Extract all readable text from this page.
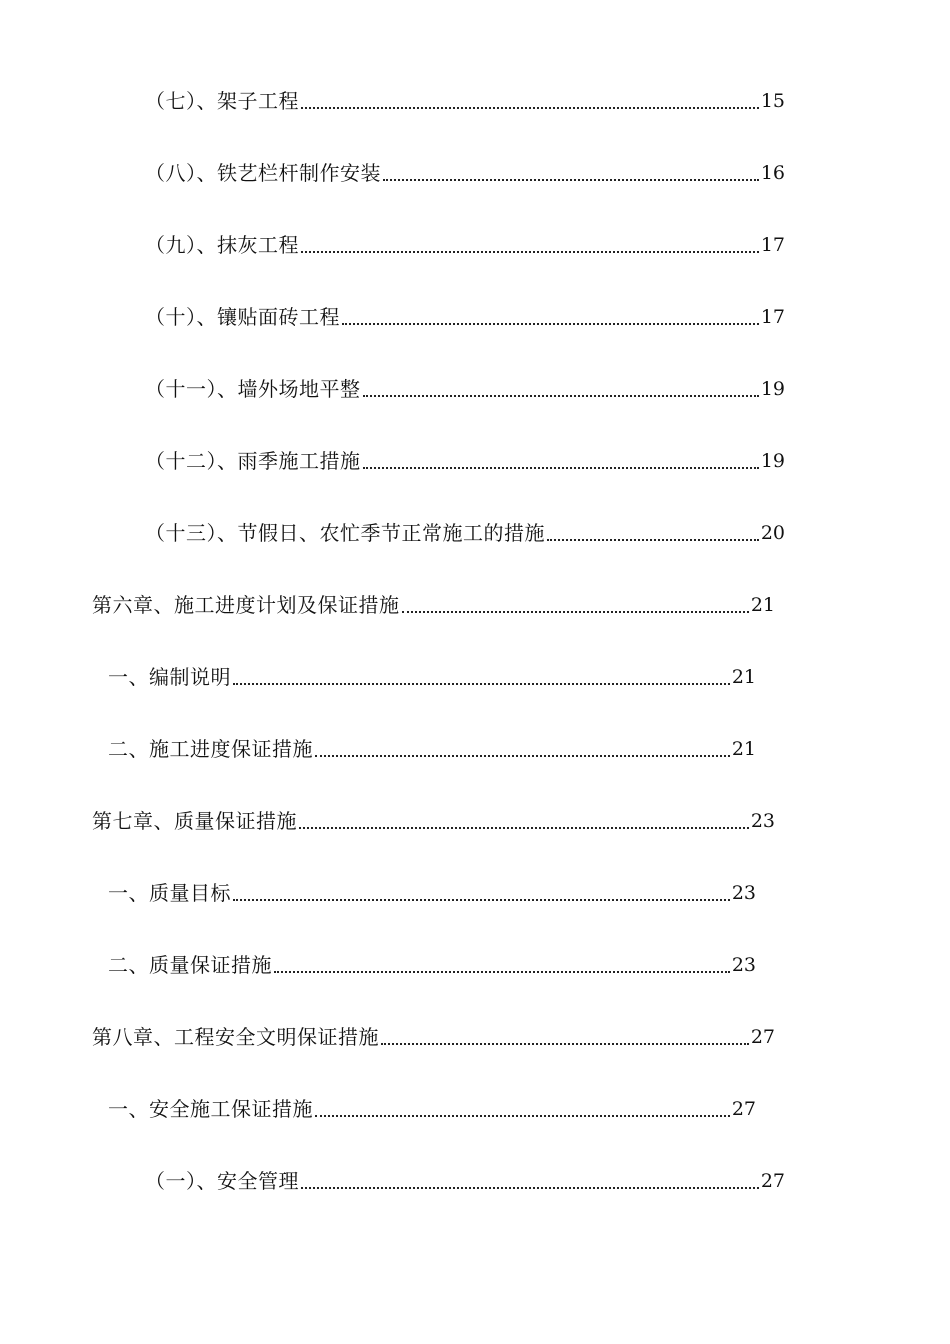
（七）、架子工程	15
（八）、铁艺栏杆制作安装	16
（九）、抹灰工程	17
（十）、镶贴面砖工程	17
（十一）、墙外场地平整	19
（十二）、雨季施工措施	19
（十三）、节假日、农忙季节正常施工的措施	20
第六章、施工进度计划及保证措施	21
一、编制说明	21
二、施工进度保证措施	21
第七章、质量保证措施	23
一、质量目标	23
二、质量保证措施	23
第八章、工程安全文明保证措施	27
一、安全施工保证措施	27
（一）、安全管理	27
